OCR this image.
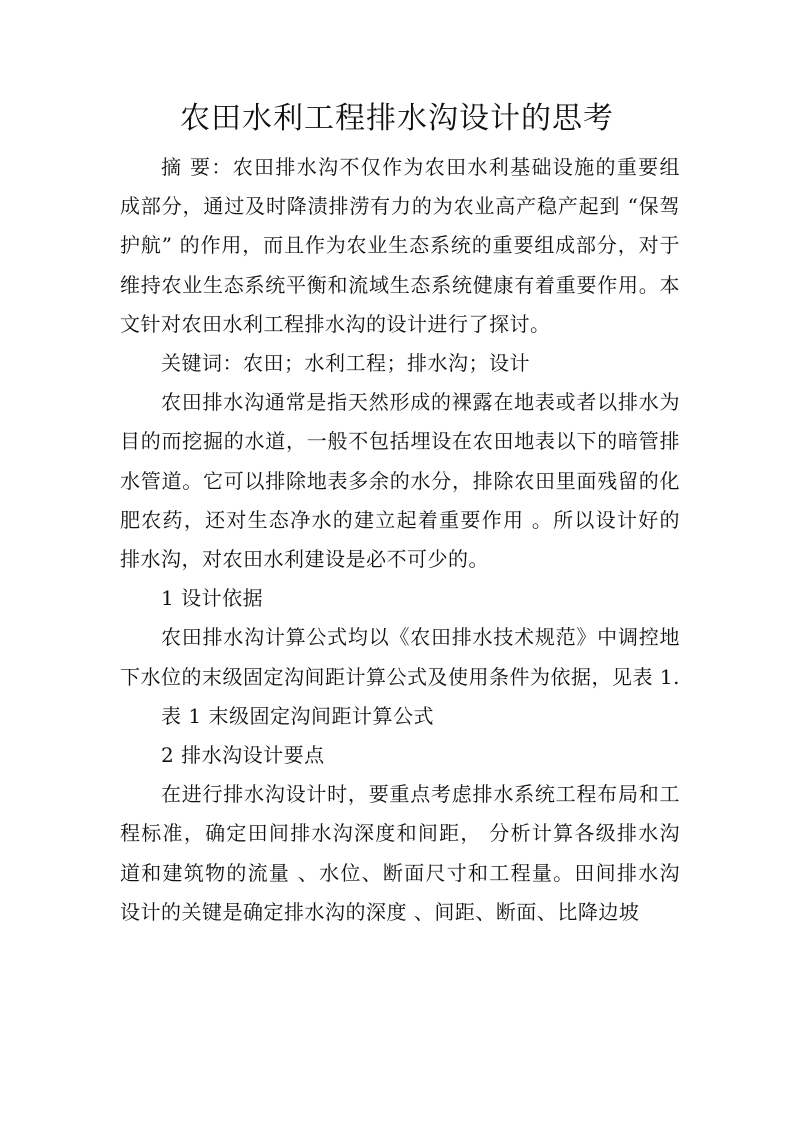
农田水利工程排水沟设计的思考

摘 要：农田排水沟不仅作为农田水利基础设施的重要组成部分，通过及时降渍排涝有力的为农业高产稳产起到 “保驾护航” 的作用，而且作为农业生态系统的重要组成部分，对于维持农业生态系统平衡和流域生态系统健康有着重要作用。本文针对农田水利工程排水沟的设计进行了探讨。

关键词：农田；水利工程；排水沟；设计

农田排水沟通常是指天然形成的裸露在地表或者以排水为目的而挖掘的水道，一般不包括埋设在农田地表以下的暗管排水管道。它可以排除地表多余的水分，排除农田里面残留的化肥农药，还对生态净水的建立起着重要作用 。所以设计好的排水沟，对农田水利建设是必不可少的。

1 设计依据

农田排水沟计算公式均以《农田排水技术规范》中调控地下水位的末级固定沟间距计算公式及使用条件为依据，见表 1.

表 1 末级固定沟间距计算公式

2 排水沟设计要点

在进行排水沟设计时，要重点考虑排水系统工程布局和工程标准，确定田间排水沟深度和间距， 分析计算各级排水沟道和建筑物的流量 、水位、断面尺寸和工程量。田间排水沟设计的关键是确定排水沟的深度 、间距、断面、比降边坡
